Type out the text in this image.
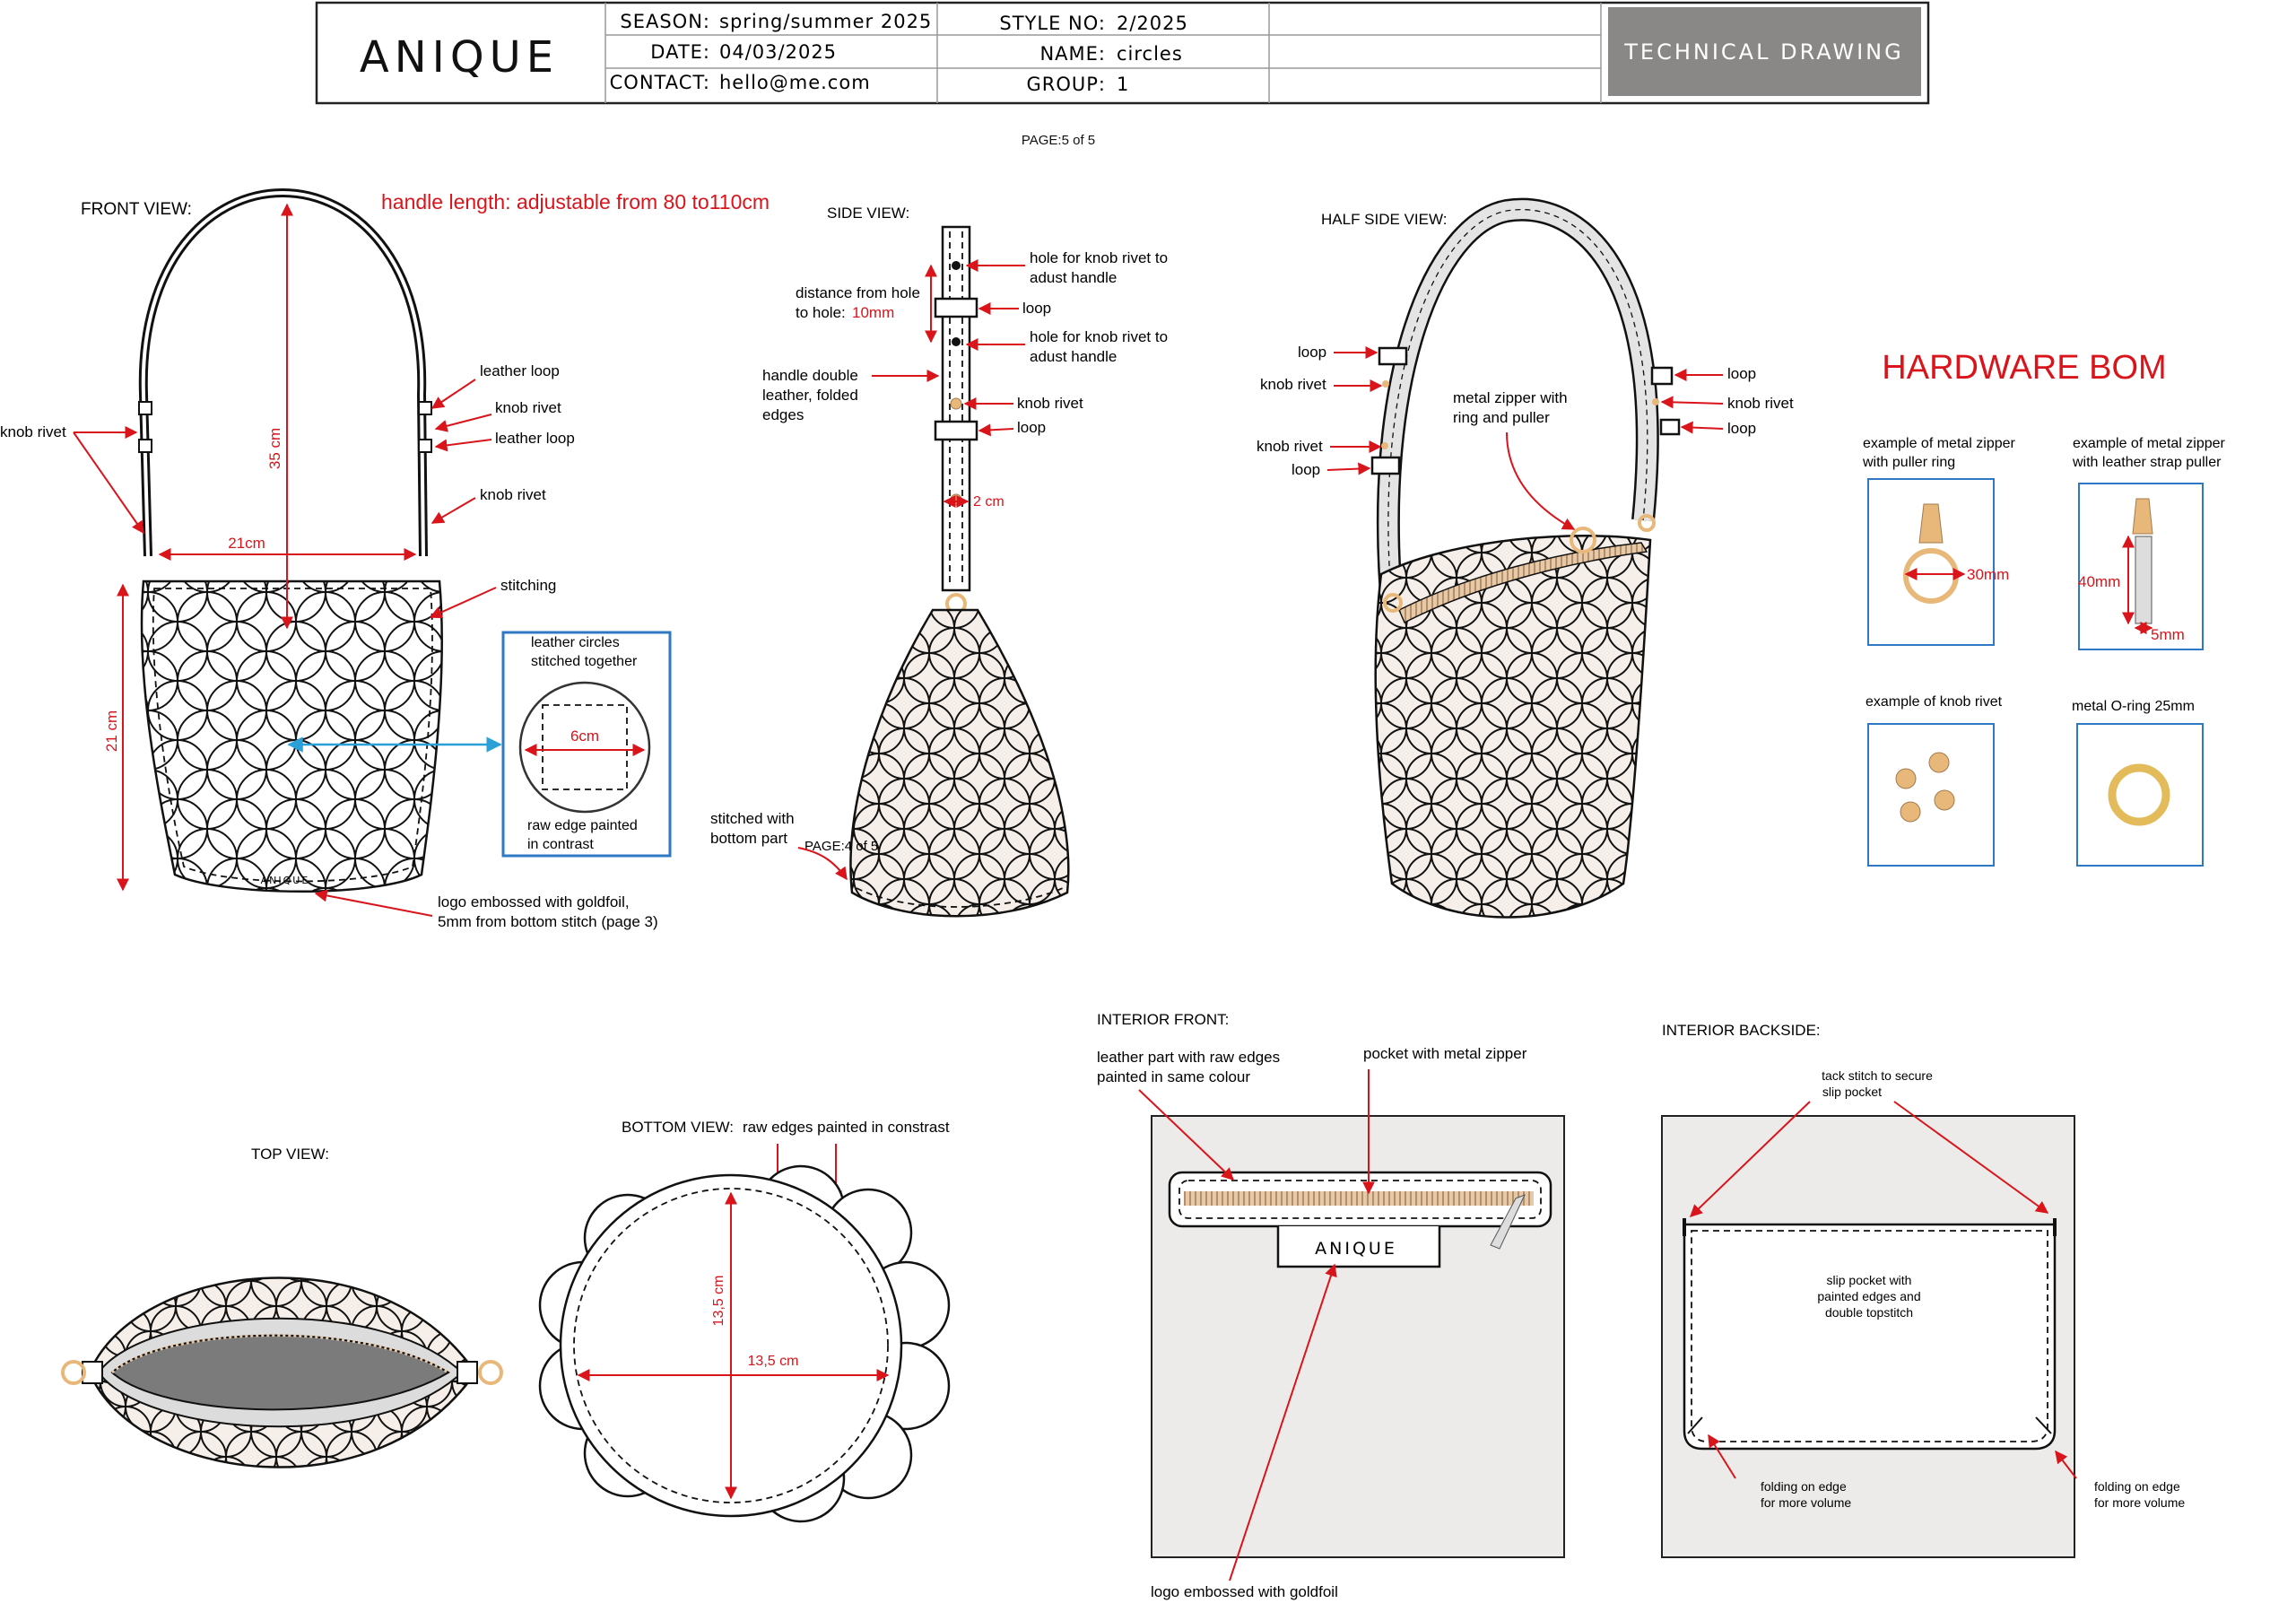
ANIQUE
SEASON: spring/summer 2025
DATE: 04/03/2025
CONTACT: hello@me.com
STYLE NO: 2/2025
NAME: circles
GROUP: 1
TECHNICAL DRAWING
PAGE:5 of 5
FRONT VIEW:	handle length: adjustable from 80 to110cm
ANIQUE
35 cm
21cm
21 cm
knob rivet
leather loop
knob rivet
leather loop
knob rivet
stitching
leather circles
stitched together
6cm
raw edge painted
in contrast
logo embossed with goldfoil,
5mm from bottom stitch (page 3)
SIDE VIEW:
PAGE:4 of 5
hole for knob rivet to
adust handle
distance from hole
to hole: 10mm	loop
hole for knob rivet to
adust handle
handle double
leather, folded
edges
knob rivet
loop
2 cm
stitched with
bottom part
HALF SIDE VIEW:
loop
knob rivet
knob rivet
loop
metal zipper with
ring and puller
loop
knob rivet
loop
HARDWARE BOM
example of metal zipper
with puller ring
30mm
example of metal zipper
with leather strap puller
40mm
5mm
example of knob rivet	metal O-ring 25mm
TOP VIEW:
BOTTOM VIEW: raw edges painted in constrast
13,5 cm
13,5 cm
INTERIOR FRONT:
leather part with raw edges
painted in same colour
pocket with metal zipper
ANIQUE
logo embossed with goldfoil
INTERIOR BACKSIDE:
tack stitch to secure
slip pocket
slip pocket with
painted edges and
double topstitch
folding on edge
for more volume
folding on edge
for more volume
